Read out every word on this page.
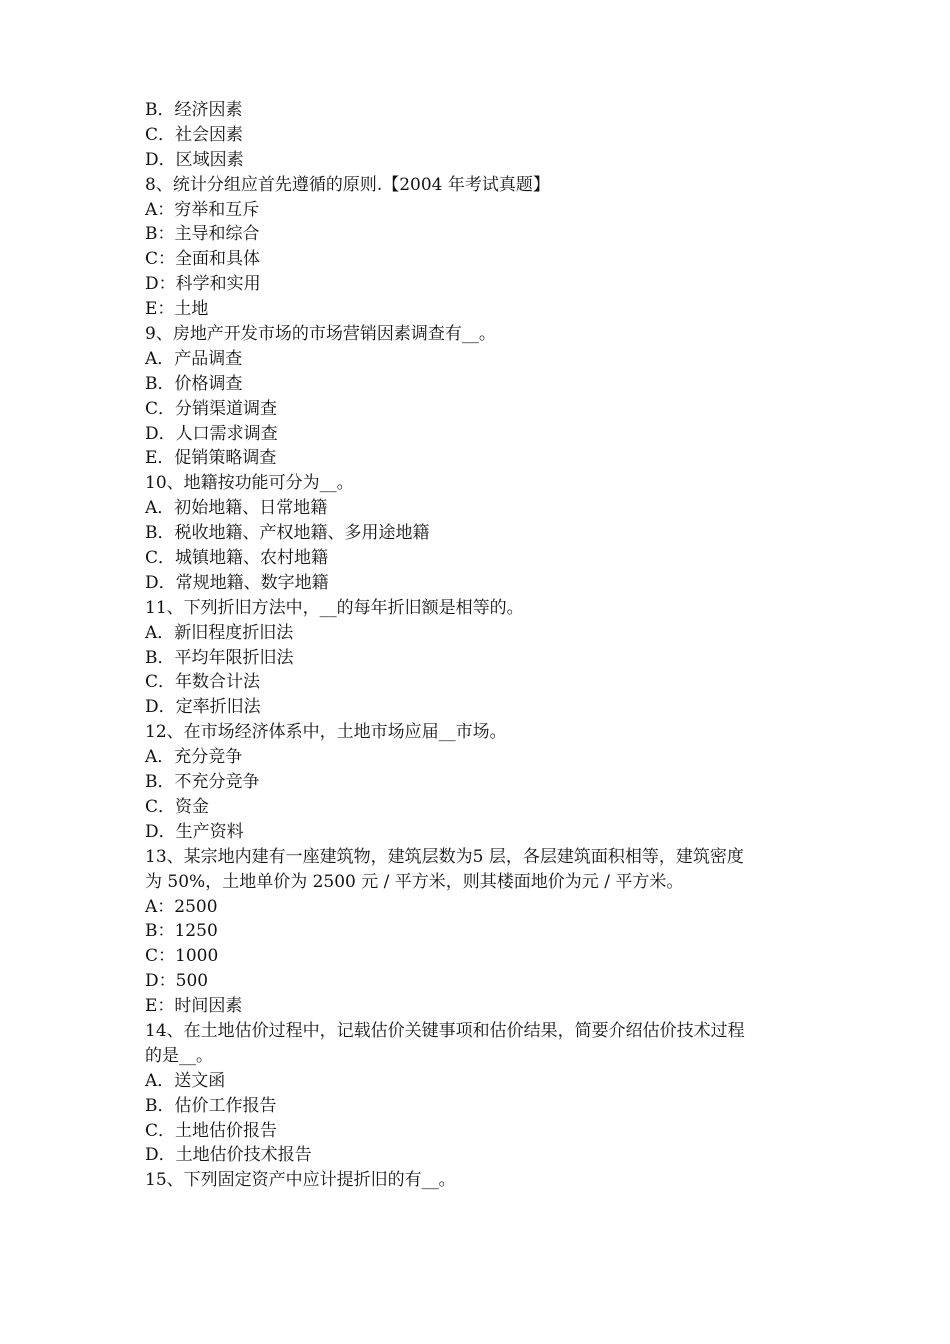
B．经济因素
C．社会因素
D．区域因素
8、统计分组应首先遵循的原则.【2004 年考试真题】
A：穷举和互斥
B：主导和综合
C：全面和具体
D：科学和实用
E：土地
9、房地产开发市场的市场营销因素调查有__。
A．产品调查
B．价格调查
C．分销渠道调查
D．人口需求调查
E．促销策略调查
10、地籍按功能可分为__。
A．初始地籍、日常地籍
B．税收地籍、产权地籍、多用途地籍
C．城镇地籍、农村地籍
D．常规地籍、数字地籍
11、下列折旧方法中，__的每年折旧额是相等的。
A．新旧程度折旧法
B．平均年限折旧法
C．年数合计法
D．定率折旧法
12、在市场经济体系中，土地市场应届__市场。
A．充分竞争
B．不充分竞争
C．资金
D．生产资料
13、某宗地内建有一座建筑物，建筑层数为5 层，各层建筑面积相等，建筑密度
为 50%，土地单价为 2500 元 / 平方米，则其楼面地价为元 / 平方米。
A：2500
B：1250
C：1000
D：500
E：时间因素
14、在土地估价过程中，记载估价关键事项和估价结果，简要介绍估价技术过程
的是__。
A．送文函
B．估价工作报告
C．土地估价报告
D．土地估价技术报告
15、下列固定资产中应计提折旧的有__。
